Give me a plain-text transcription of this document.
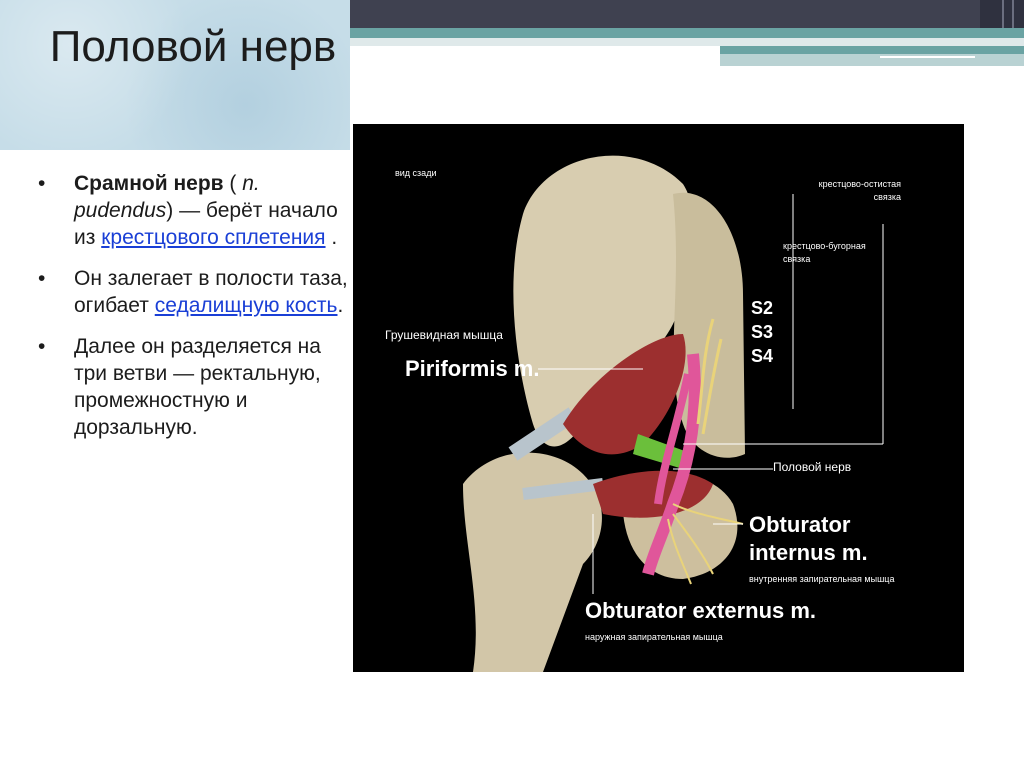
Половой нерв
• Срамной нерв ( n. pudendus) — берёт начало из крестцового сплетения .
• Он залегает в полости таза, огибает седалищную кость.
• Далее он разделяется на три ветви — ректальную, промежностную и дорзальную.
вид сзади
крестцово-остистая связка
крестцово-бугорная связка
Грушевидная мышца
Piriformis m.
S2
S3
S4
Половой нерв
Obturator
internus m.
внутренняя запирательная мышца
Obturator externus m.
наружная запирательная мышца
